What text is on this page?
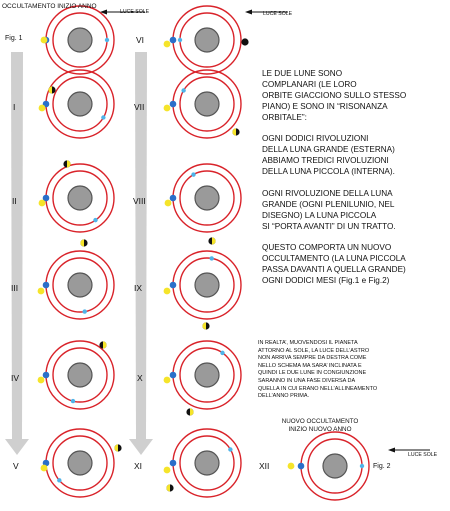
OCCULTAMENTO INIZIO ANNO
LUCE SOLE	LUCE SOLE
LUCE SOLE
Fig. 1
Fig. 2
I
II
III
IV
V
VI
VII
VIII
IX
X
XI	XII

LE DUE LUNE SONO
COMPLANARI (LE LORO
ORBITE GIACCIONO SULLO STESSO
PIANO) E SONO IN “RISONANZA
ORBITALE”:

OGNI DODICI RIVOLUZIONI
DELLA LUNA GRANDE (ESTERNA)
ABBIAMO TREDICI RIVOLUZIONI
DELLA LUNA PICCOLA (INTERNA).

OGNI RIVOLUZIONE DELLA LUNA
GRANDE (OGNI PLENILUNIO, NEL
DISEGNO) LA LUNA PICCOLA
SI “PORTA AVANTI” DI UN TRATTO.

QUESTO COMPORTA UN NUOVO
OCCULTAMENTO (LA LUNA PICCOLA
PASSA DAVANTI A QUELLA GRANDE)
OGNI DODICI MESI (Fig.1 e Fig.2)

IN REALTA’, MUOVENDOSI IL PIANETA
ATTORNO AL SOLE, LA LUCE DELL’ASTRO
NON ARRIVA SEMPRE DA DESTRA COME
NELLO SCHEMA MA SARA’ INCLINATA E
QUINDI LE DUE LUNE IN CONGIUNZIONE
SARANNO IN UNA FASE DIVERSA DA
QUELLA IN CUI ERANO NELL’ALLINEAMENTO
DELL’ANNO PRIMA.
NUOVO OCCULTAMENTO
INIZIO NUOVO ANNO
